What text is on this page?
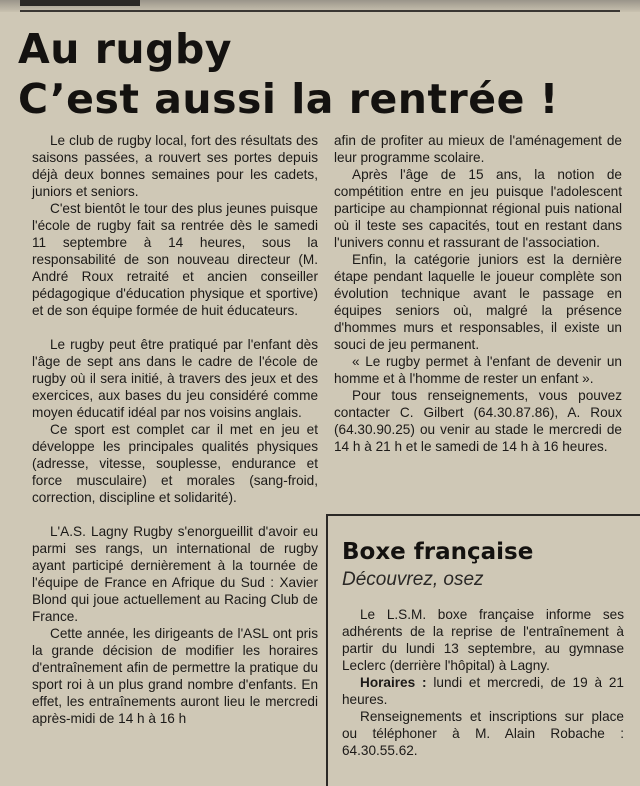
Au rugby
C’est aussi la rentrée !

Le club de rugby local, fort des résultats des saisons passées, a rouvert ses portes depuis déjà deux bonnes semaines pour les cadets, juniors et seniors.

C'est bientôt le tour des plus jeunes puisque l'école de rugby fait sa rentrée dès le samedi 11 septembre à 14 heures, sous la responsabilité de son nouveau directeur (M. André Roux retraité et ancien conseiller pédagogique d'éducation physique et sportive) et de son équipe formée de huit éducateurs.

Le rugby peut être pratiqué par l'enfant dès l'âge de sept ans dans le cadre de l'école de rugby où il sera initié, à travers des jeux et des exercices, aux bases du jeu considéré comme moyen éducatif idéal par nos voisins anglais.

Ce sport est complet car il met en jeu et développe les principales qualités physiques (adresse, vitesse, souplesse, endurance et force musculaire) et morales (sang-froid, correction, discipline et solidarité).

L'A.S. Lagny Rugby s'enorgueillit d'avoir eu parmi ses rangs, un international de rugby ayant participé dernièrement à la tournée de l'équipe de France en Afrique du Sud : Xavier Blond qui joue actuellement au Racing Club de France.

Cette année, les dirigeants de l'ASL ont pris la grande décision de modifier les horaires d'entraînement afin de permettre la pratique du sport roi à un plus grand nombre d'enfants. En effet, les entraînements auront lieu le mercredi après-midi de 14 h à 16 h

afin de profiter au mieux de l'aménagement de leur programme scolaire.

Après l'âge de 15 ans, la notion de compétition entre en jeu puisque l'adolescent participe au championnat régional puis national où il teste ses capacités, tout en restant dans l'univers connu et rassurant de l'association.

Enfin, la catégorie juniors est la dernière étape pendant laquelle le joueur complète son évolution technique avant le passage en équipes seniors où, malgré la présence d'hommes murs et responsables, il existe un souci de jeu permanent.

« Le rugby permet à l'enfant de devenir un homme et à l'homme de rester un enfant ».

Pour tous renseignements, vous pouvez contacter C. Gilbert (64.30.87.86), A. Roux (64.30.90.25) ou venir au stade le mercredi de 14 h à 21 h et le samedi de 14 h à 16 heures.

Boxe française

Découvrez, osez

Le L.S.M. boxe française informe ses adhérents de la reprise de l'entraînement à partir du lundi 13 septembre, au gymnase Leclerc (derrière l'hôpital) à Lagny.

Horaires : lundi et mercredi, de 19 à 21 heures.

Renseignements et inscriptions sur place ou téléphoner à M. Alain Robache : 64.30.55.62.
